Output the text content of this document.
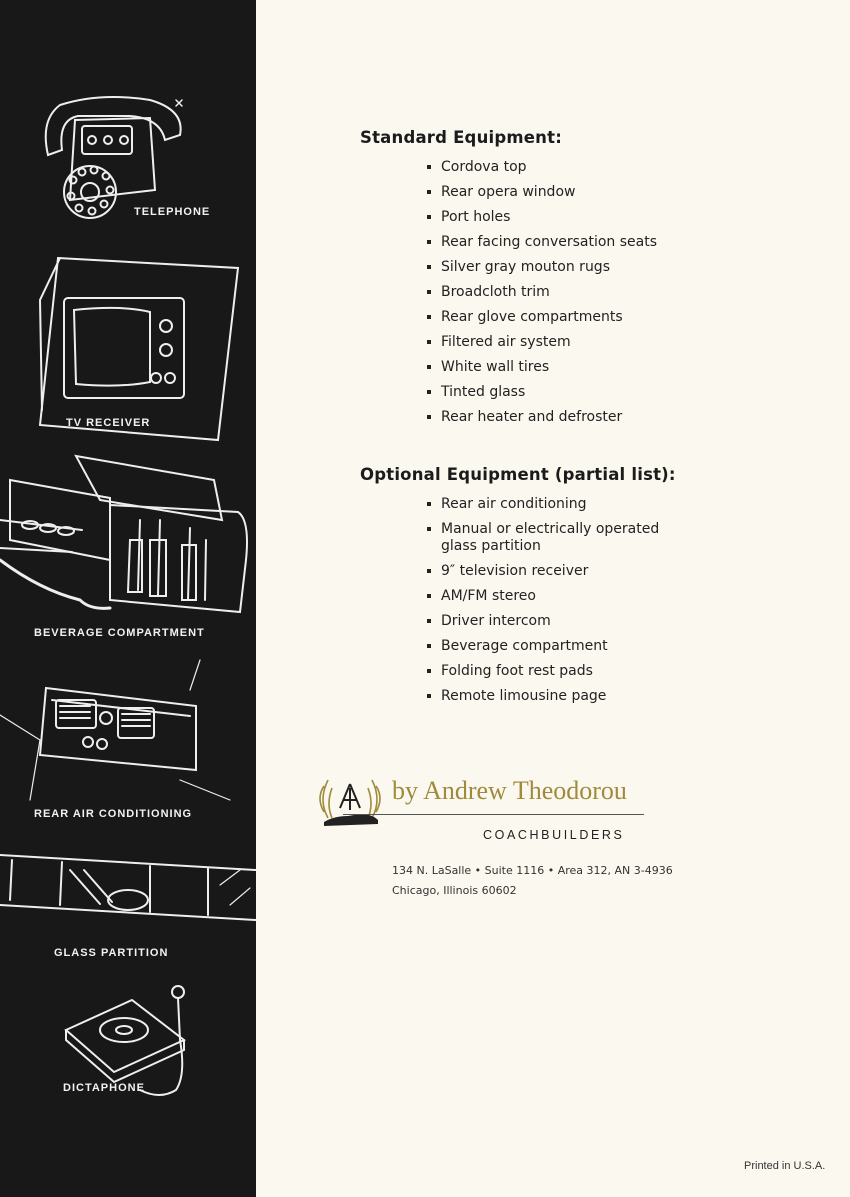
TELEPHONE
TV RECEIVER
BEVERAGE COMPARTMENT
REAR AIR CONDITIONING
GLASS PARTITION
DICTAPHONE
Standard Equipment:
Cordova top
Rear opera window
Port holes
Rear facing conversation seats
Silver gray mouton rugs
Broadcloth trim
Rear glove compartments
Filtered air system
White wall tires
Tinted glass
Rear heater and defroster
Optional Equipment (partial list):
Rear air conditioning
Manual or electrically operated glass partition
9″ television receiver
AM/FM stereo
Driver intercom
Beverage compartment
Folding foot rest pads
Remote limousine page
by Andrew Theodorou
COACHBUILDERS
134 N. LaSalle • Suite 1116 • Area 312, AN 3-4936
Chicago, Illinois 60602
Printed in U.S.A.
